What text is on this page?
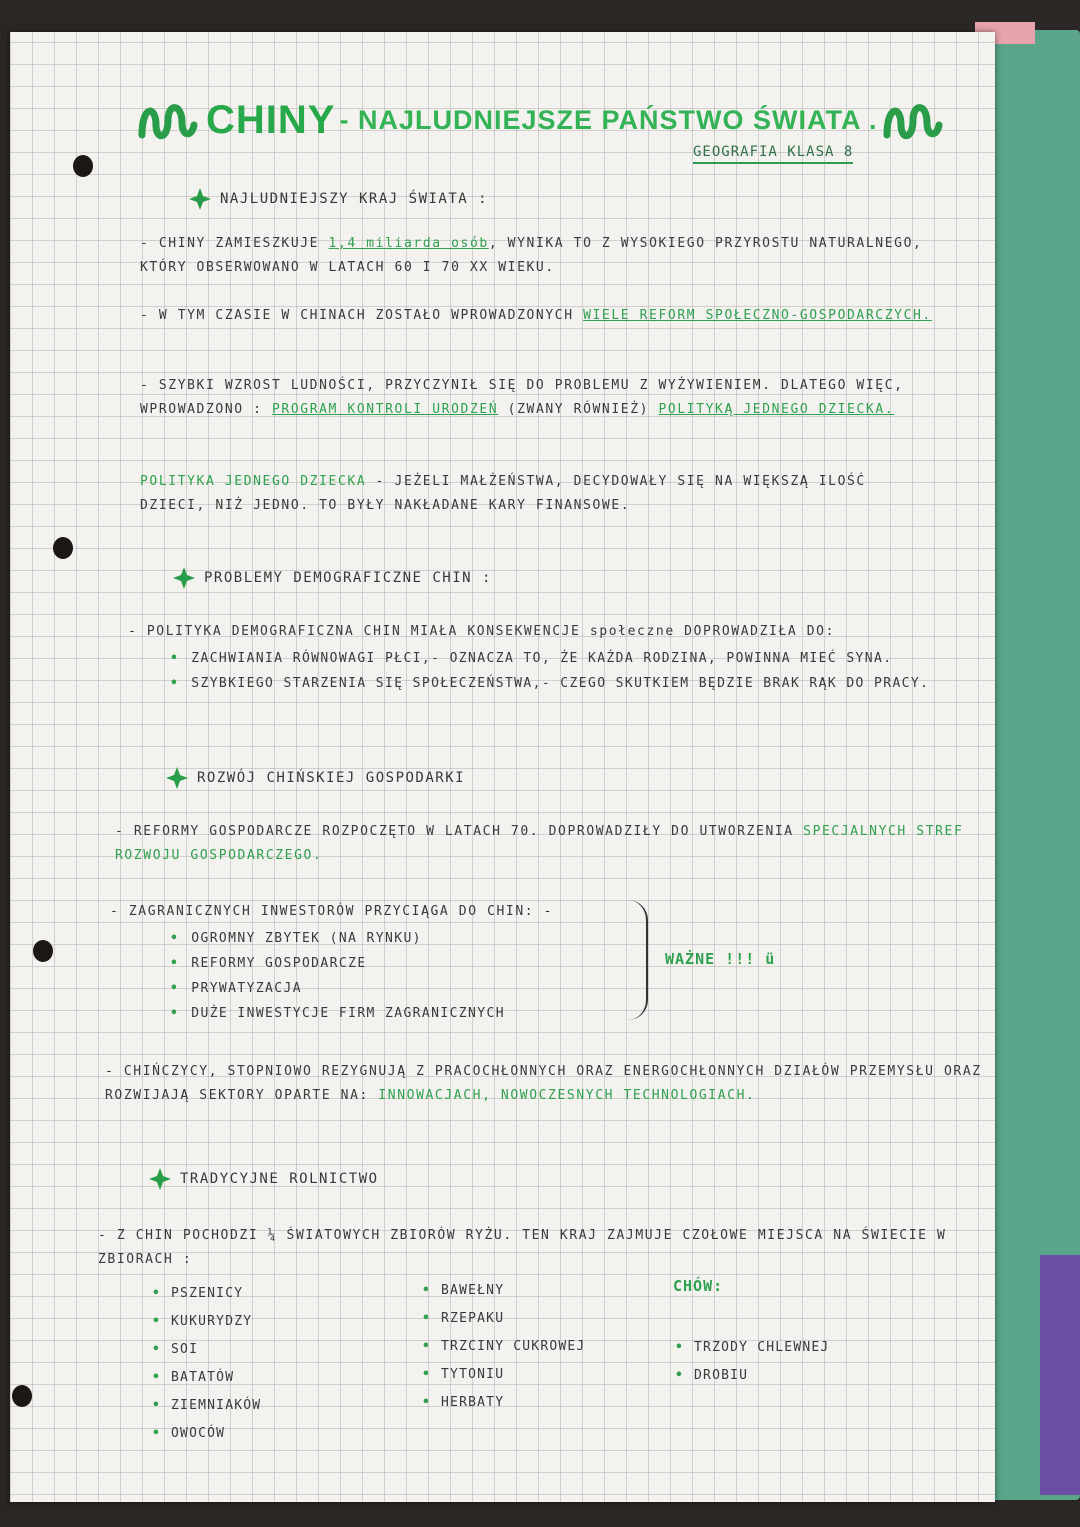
CHINY - NAJLUDNIEJSZE PAŃSTWO ŚWIATA .
GEOGRAFIA KLASA 8
NAJLUDNIEJSZY KRAJ ŚWIATA :
- CHINY ZAMIESZKUJE 1,4 miliarda osób, WYNIKA TO Z WYSOKIEGO PRZYROSTU NATURALNEGO, KTÓRY OBSERWOWANO W LATACH 60 I 70 XX WIEKU.
- W TYM CZASIE W CHINACH ZOSTAŁO WPROWADZONYCH WIELE REFORM SPOŁECZNO-GOSPODARCZYCH.
- SZYBKI WZROST LUDNOŚCI, PRZYCZYNIŁ SIĘ DO PROBLEMU Z WYŻYWIENIEM. DLATEGO WIĘC, WPROWADZONO : PROGRAM KONTROLI URODZEŃ (ZWANY RÓWNIEŻ) POLITYKĄ JEDNEGO DZIECKA.
POLITYKA JEDNEGO DZIECKA - JEŻELI MAŁŻEŃSTWA, DECYDOWAŁY SIĘ NA WIĘKSZĄ ILOŚĆ DZIECI, NIŻ JEDNO. TO BYŁY NAKŁADANE KARY FINANSOWE.
PROBLEMY DEMOGRAFICZNE CHIN :
- POLITYKA DEMOGRAFICZNA CHIN MIAŁA KONSEKWENCJE społeczne DOPROWADZIŁA DO:
• ZACHWIANIA RÓWNOWAGI PŁCI,- OZNACZA TO, ŻE KAŻDA RODZINA, POWINNA MIEĆ SYNA.
• SZYBKIEGO STARZENIA SIĘ SPOŁECZEŃSTWA,- CZEGO SKUTKIEM BĘDZIE BRAK RĄK DO PRACY.
ROZWÓJ CHIŃSKIEJ GOSPODARKI
- REFORMY GOSPODARCZE ROZPOCZĘTO W LATACH 70. DOPROWADZIŁY DO UTWORZENIA SPECJALNYCH STREF ROZWOJU GOSPODARCZEGO.
- ZAGRANICZNYCH INWESTORÓW PRZYCIĄGA DO CHIN: -
• OGROMNY ZBYTEK (NA RYNKU)
• REFORMY GOSPODARCZE
• PRYWATYZACJA
• DUŻE INWESTYCJE FIRM ZAGRANICZNYCH
WAŻNE !!! ü
- CHIŃCZYCY, STOPNIOWO REZYGNUJĄ Z PRACOCHŁONNYCH ORAZ ENERGOCHŁONNYCH DZIAŁÓW PRZEMYSŁU ORAZ ROZWIJAJĄ SEKTORY OPARTE NA: INNOWACJACH, NOWOCZESNYCH TECHNOLOGIACH.
TRADYCYJNE ROLNICTWO
- Z CHIN POCHODZI ¼ ŚWIATOWYCH ZBIORÓW RYŻU. TEN KRAJ ZAJMUJE CZOŁOWE MIEJSCA NA ŚWIECIE W ZBIORACH :
• PSZENICY
• KUKURYDZY
• SOI
• BATATÓW
• ZIEMNIAKÓW
• OWOCÓW
• BAWEŁNY
• RZEPAKU
• TRZCINY CUKROWEJ
• TYTONIU
• HERBATY
CHÓW:
• TRZODY CHLEWNEJ
• DROBIU
